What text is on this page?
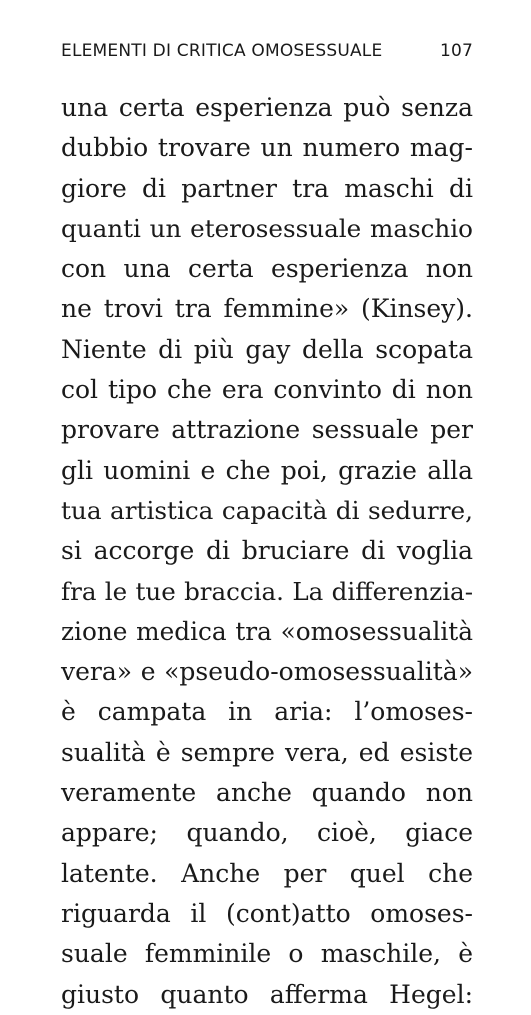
ELEMENTI DI CRITICA OMOSESSUALE	107
una certa esperienza può senza
dubbio trovare un numero mag-
giore di partner tra maschi di
quanti un eterosessuale maschio
con una certa esperienza non
ne trovi tra femmine» (Kinsey).
Niente di più gay della scopata
col tipo che era convinto di non
provare attrazione sessuale per
gli uomini e che poi, grazie alla
tua artistica capacità di sedurre,
si accorge di bruciare di voglia
fra le tue braccia. La differenzia-
zione medica tra «omosessualità
vera» e «pseudo-omosessualità»
è campata in aria: l’omoses-
sualità è sempre vera, ed esiste
veramente anche quando non
appare; quando, cioè, giace
latente. Anche per quel che
riguarda il (cont)atto omoses-
suale femminile o maschile, è
giusto quanto afferma Hegel:
